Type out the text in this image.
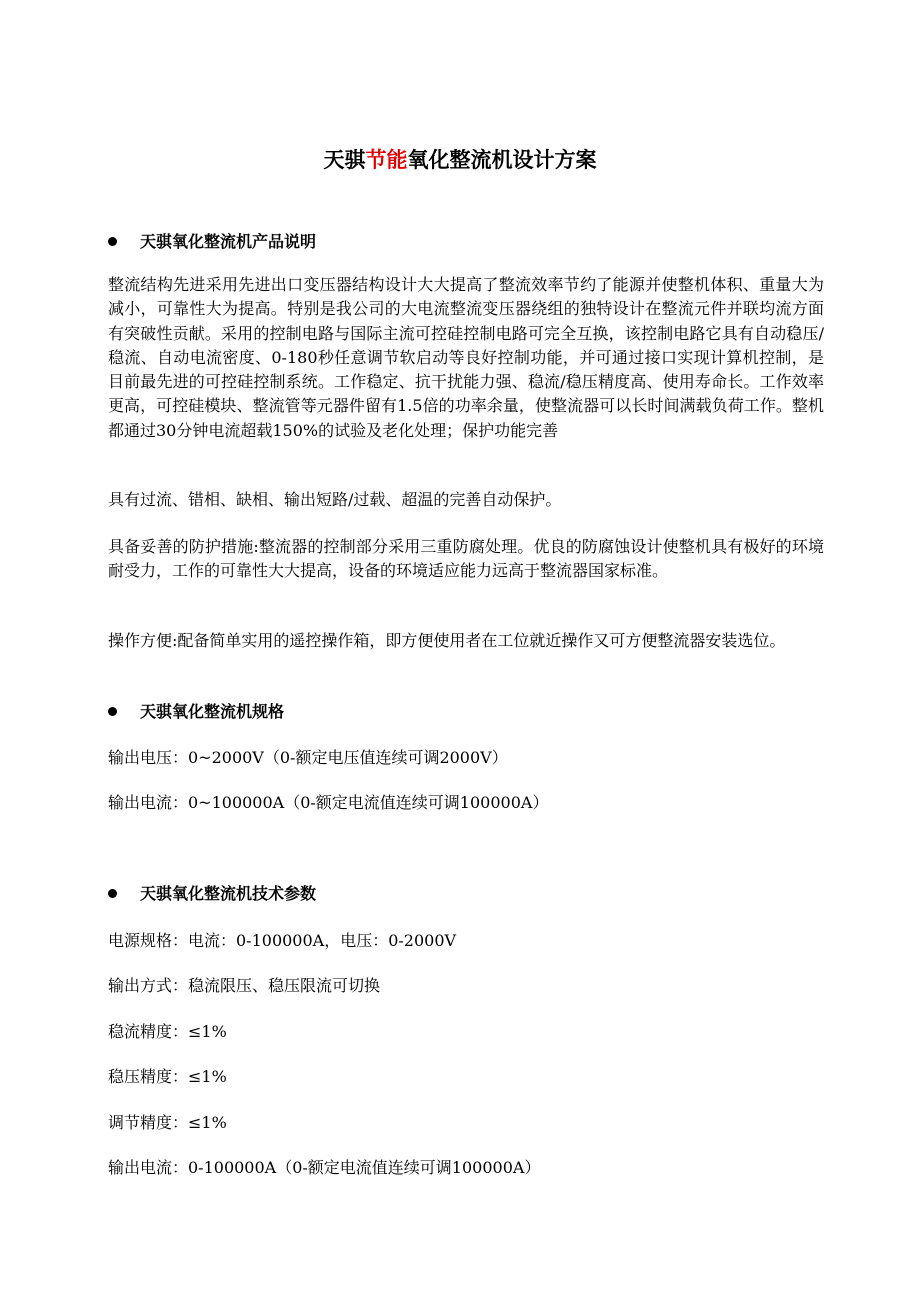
天骐节能氧化整流机设计方案
天骐氧化整流机产品说明
整流结构先进采用先进出口变压器结构设计大大提高了整流效率节约了能源并使整机体积、重量大为减小，可靠性大为提高。特别是我公司的大电流整流变压器绕组的独特设计在整流元件并联均流方面有突破性贡献。采用的控制电路与国际主流可控硅控制电路可完全互换，该控制电路它具有自动稳压/稳流、自动电流密度、0-180秒任意调节软启动等良好控制功能，并可通过接口实现计算机控制，是目前最先进的可控硅控制系统。工作稳定、抗干扰能力强、稳流/稳压精度高、使用寿命长。工作效率更高，可控硅模块、整流管等元器件留有1.5倍的功率余量，使整流器可以长时间满载负荷工作。整机都通过30分钟电流超载150%的试验及老化处理；保护功能完善
具有过流、错相、缺相、输出短路/过载、超温的完善自动保护。
具备妥善的防护措施:整流器的控制部分采用三重防腐处理。优良的防腐蚀设计使整机具有极好的环境耐受力，工作的可靠性大大提高，设备的环境适应能力远高于整流器国家标准。
操作方便:配备简单实用的遥控操作箱，即方便使用者在工位就近操作又可方便整流器安装选位。
天骐氧化整流机规格
输出电压：0~2000V（0-额定电压值连续可调2000V）
输出电流：0~100000A（0-额定电流值连续可调100000A）
天骐氧化整流机技术参数
电源规格：电流：0-100000A，电压：0-2000V
输出方式：稳流限压、稳压限流可切换
稳流精度：≤1%
稳压精度：≤1%
调节精度：≤1%
输出电流：0-100000A（0-额定电流值连续可调100000A）
